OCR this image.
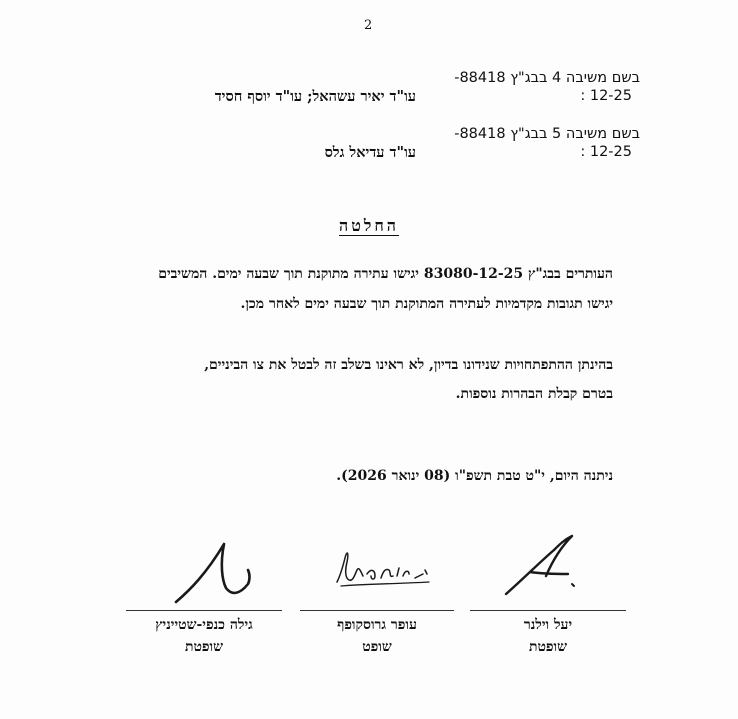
2
בשם משיבה 4 בבג"ץ 88418-
: 12-25
עו"ד יאיר עשהאל; עו"ד יוסף חסיד
בשם משיבה 5 בבג"ץ 88418-
: 12-25
עו"ד עדיאל גלס
החלטה
העותרים בבג"ץ 83080-12-25 יגישו עתירה מתוקנת תוך שבעה ימים. המשיבים
יגישו תגובות מקדמיות לעתירה המתוקנת תוך שבעה ימים לאחר מכן.
בהינתן ההתפתחויות שנידונו בדיון, לא ראינו בשלב זה לבטל את צו הביניים,
בטרם קבלת הבהרות נוספות.
ניתנה היום, י"ט טבת תשפ"ו (08 ינואר 2026).
יעל וילנר
שופטת
עופר גרוסקופף
שופט
גילה כנפי-שטייניץ
שופטת
